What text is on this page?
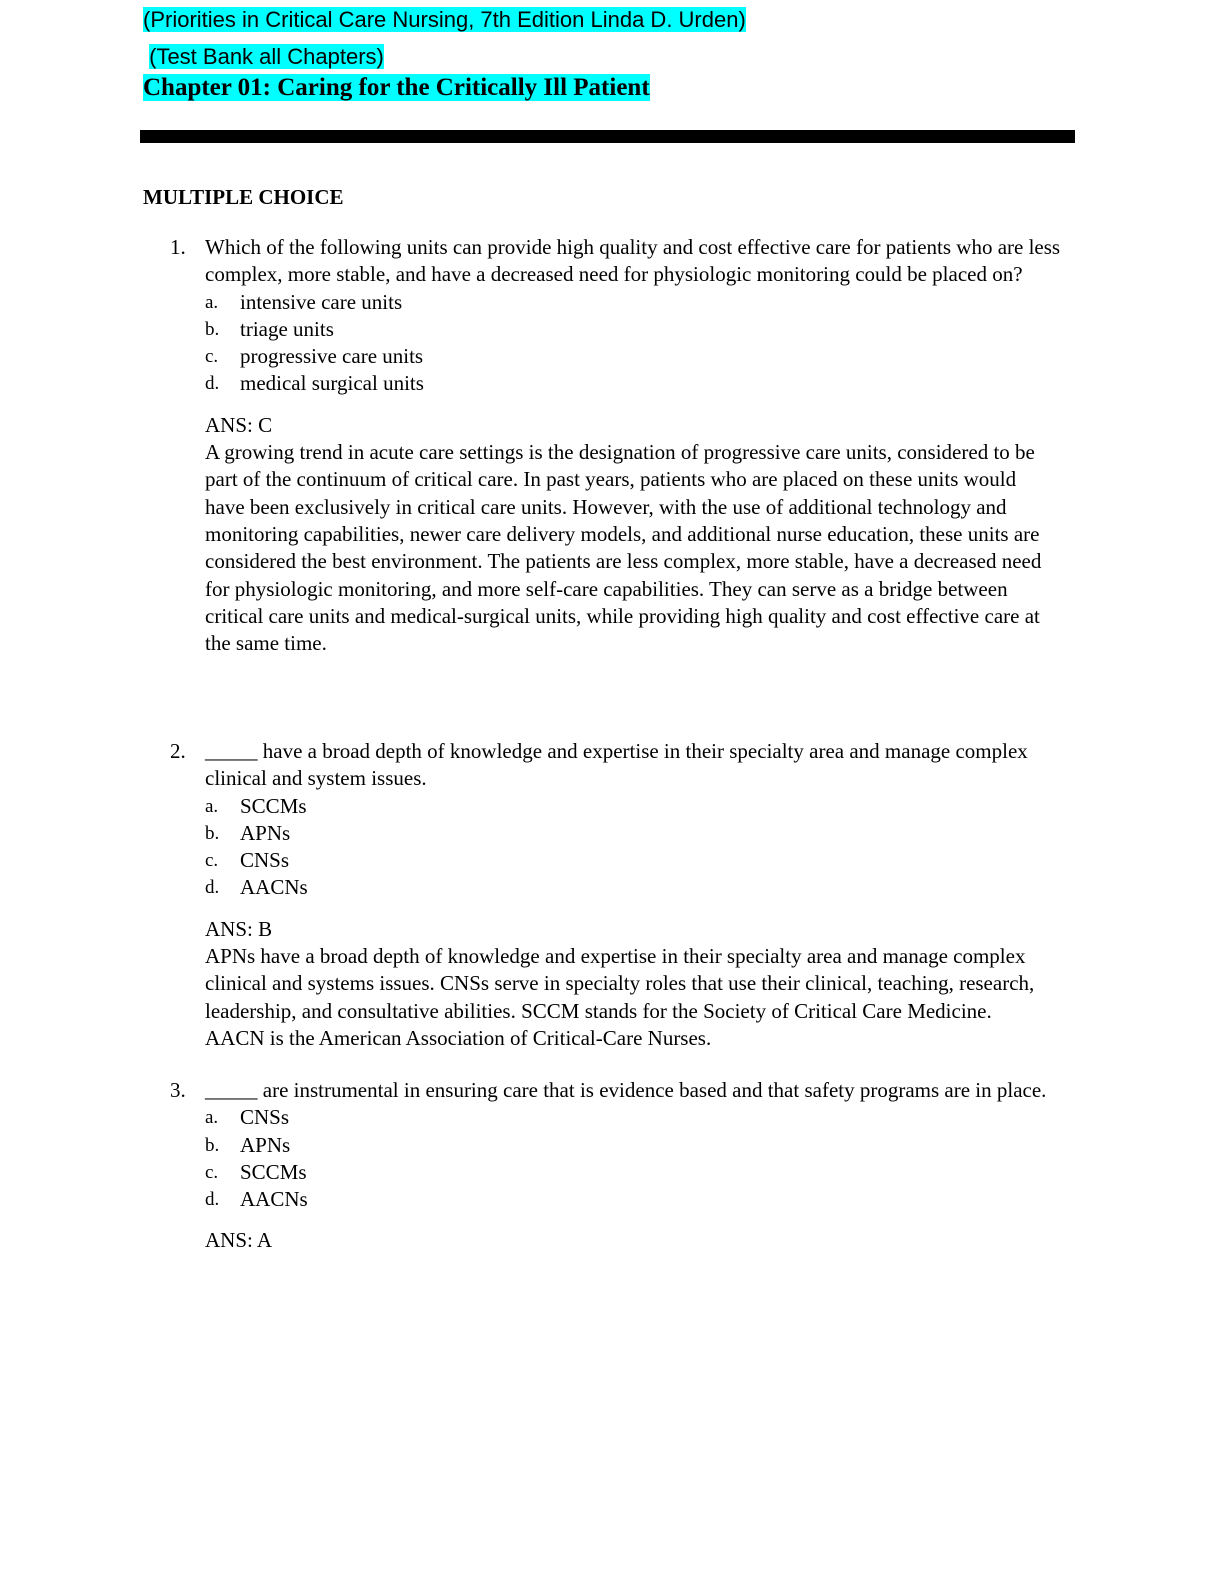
(Priorities in Critical Care Nursing, 7th Edition Linda D. Urden)
(Test Bank all Chapters)
Chapter 01: Caring for the Critically Ill Patient
MULTIPLE CHOICE
1. Which of the following units can provide high quality and cost effective care for patients who are less complex, more stable, and have a decreased need for physiologic monitoring could be placed on?
a.	intensive care units
b. triage units
c.	progressive care units
d. medical surgical units
ANS: C
A growing trend in acute care settings is the designation of progressive care units, considered to be part of the continuum of critical care. In past years, patients who are placed on these units would have been exclusively in critical care units. However, with the use of additional technology and monitoring capabilities, newer care delivery models, and additional nurse education, these units are considered the best environment. The patients are less complex, more stable, have a decreased need for physiologic monitoring, and more self-care capabilities. They can serve as a bridge between critical care units and medical-surgical units, while providing high quality and cost effective care at the same time.
2. _____ have a broad depth of knowledge and expertise in their specialty area and manage complex clinical and system issues.
a.	SCCMs
b. APNs
c.	CNSs
d. AACNs
ANS: B
APNs have a broad depth of knowledge and expertise in their specialty area and manage complex clinical and systems issues. CNSs serve in specialty roles that use their clinical, teaching, research, leadership, and consultative abilities. SCCM stands for the Society of Critical Care Medicine. AACN is the American Association of Critical-Care Nurses.
3. _____ are instrumental in ensuring care that is evidence based and that safety programs are in place.
a.	CNSs
b. APNs
c.	SCCMs
d. AACNs
ANS: A
